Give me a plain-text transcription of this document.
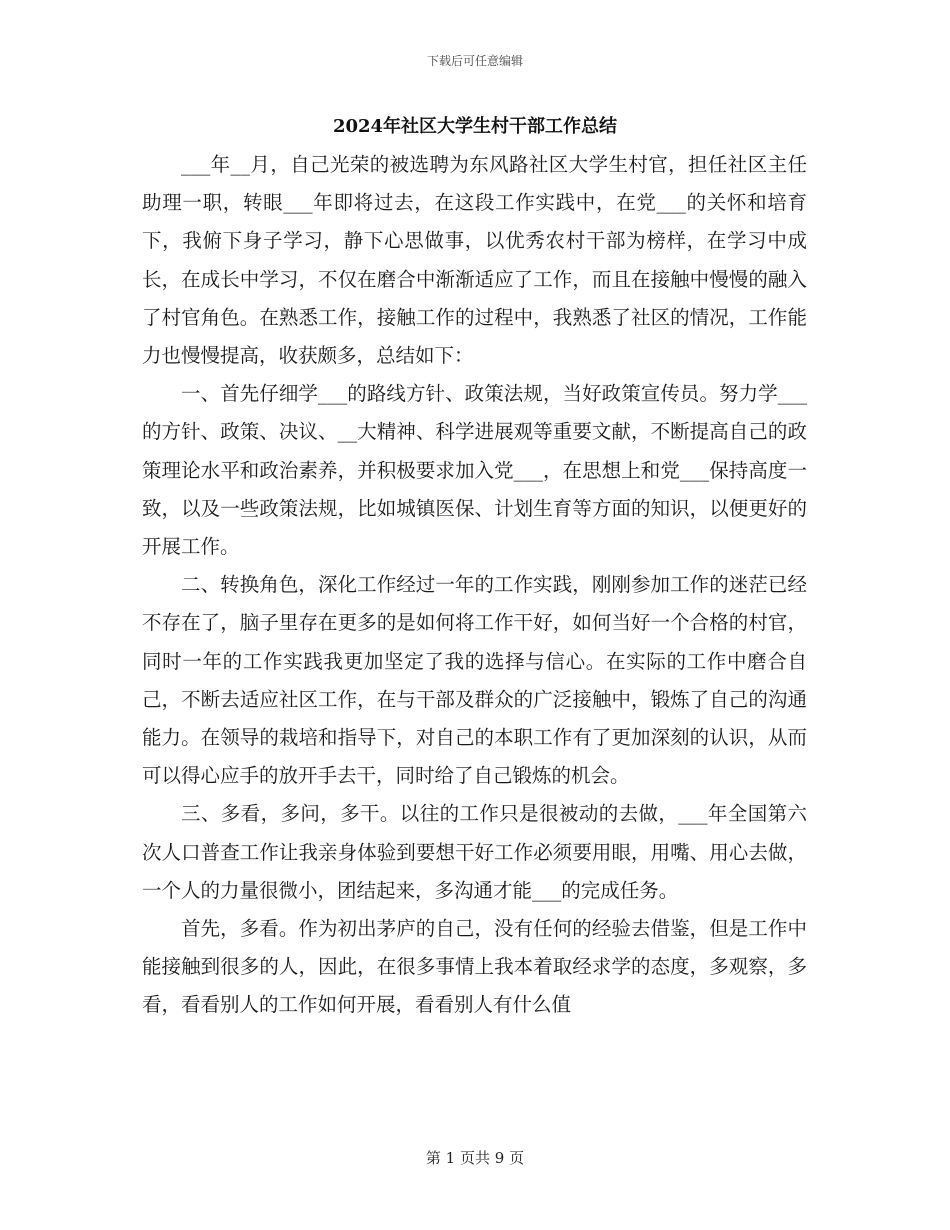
下载后可任意编辑
2024年社区大学生村干部工作总结

___年__月，自己光荣的被选聘为东风路社区大学生村官，担任社区主任助理一职，转眼___年即将过去，在这段工作实践中，在党___的关怀和培育下，我俯下身子学习，静下心思做事，以优秀农村干部为榜样，在学习中成长，在成长中学习，不仅在磨合中渐渐适应了工作，而且在接触中慢慢的融入了村官角色。在熟悉工作，接触工作的过程中，我熟悉了社区的情况，工作能力也慢慢提高，收获颇多，总结如下：

一、首先仔细学___的路线方针、政策法规，当好政策宣传员。努力学___的方针、政策、决议、__大精神、科学进展观等重要文献，不断提高自己的政策理论水平和政治素养，并积极要求加入党___，在思想上和党___保持高度一致，以及一些政策法规，比如城镇医保、计划生育等方面的知识，以便更好的开展工作。

二、转换角色，深化工作经过一年的工作实践，刚刚参加工作的迷茫已经不存在了，脑子里存在更多的是如何将工作干好，如何当好一个合格的村官，同时一年的工作实践我更加坚定了我的选择与信心。在实际的工作中磨合自己，不断去适应社区工作，在与干部及群众的广泛接触中，锻炼了自己的沟通能力。在领导的栽培和指导下，对自己的本职工作有了更加深刻的认识，从而可以得心应手的放开手去干，同时给了自己锻炼的机会。

三、多看，多问，多干。以往的工作只是很被动的去做，___年全国第六次人口普查工作让我亲身体验到要想干好工作必须要用眼，用嘴、用心去做，一个人的力量很微小，团结起来，多沟通才能___的完成任务。

首先，多看。作为初出茅庐的自己，没有任何的经验去借鉴，但是工作中能接触到很多的人，因此，在很多事情上我本着取经求学的态度，多观察，多看，看看别人的工作如何开展，看看别人有什么值

第 1 页共 9 页
